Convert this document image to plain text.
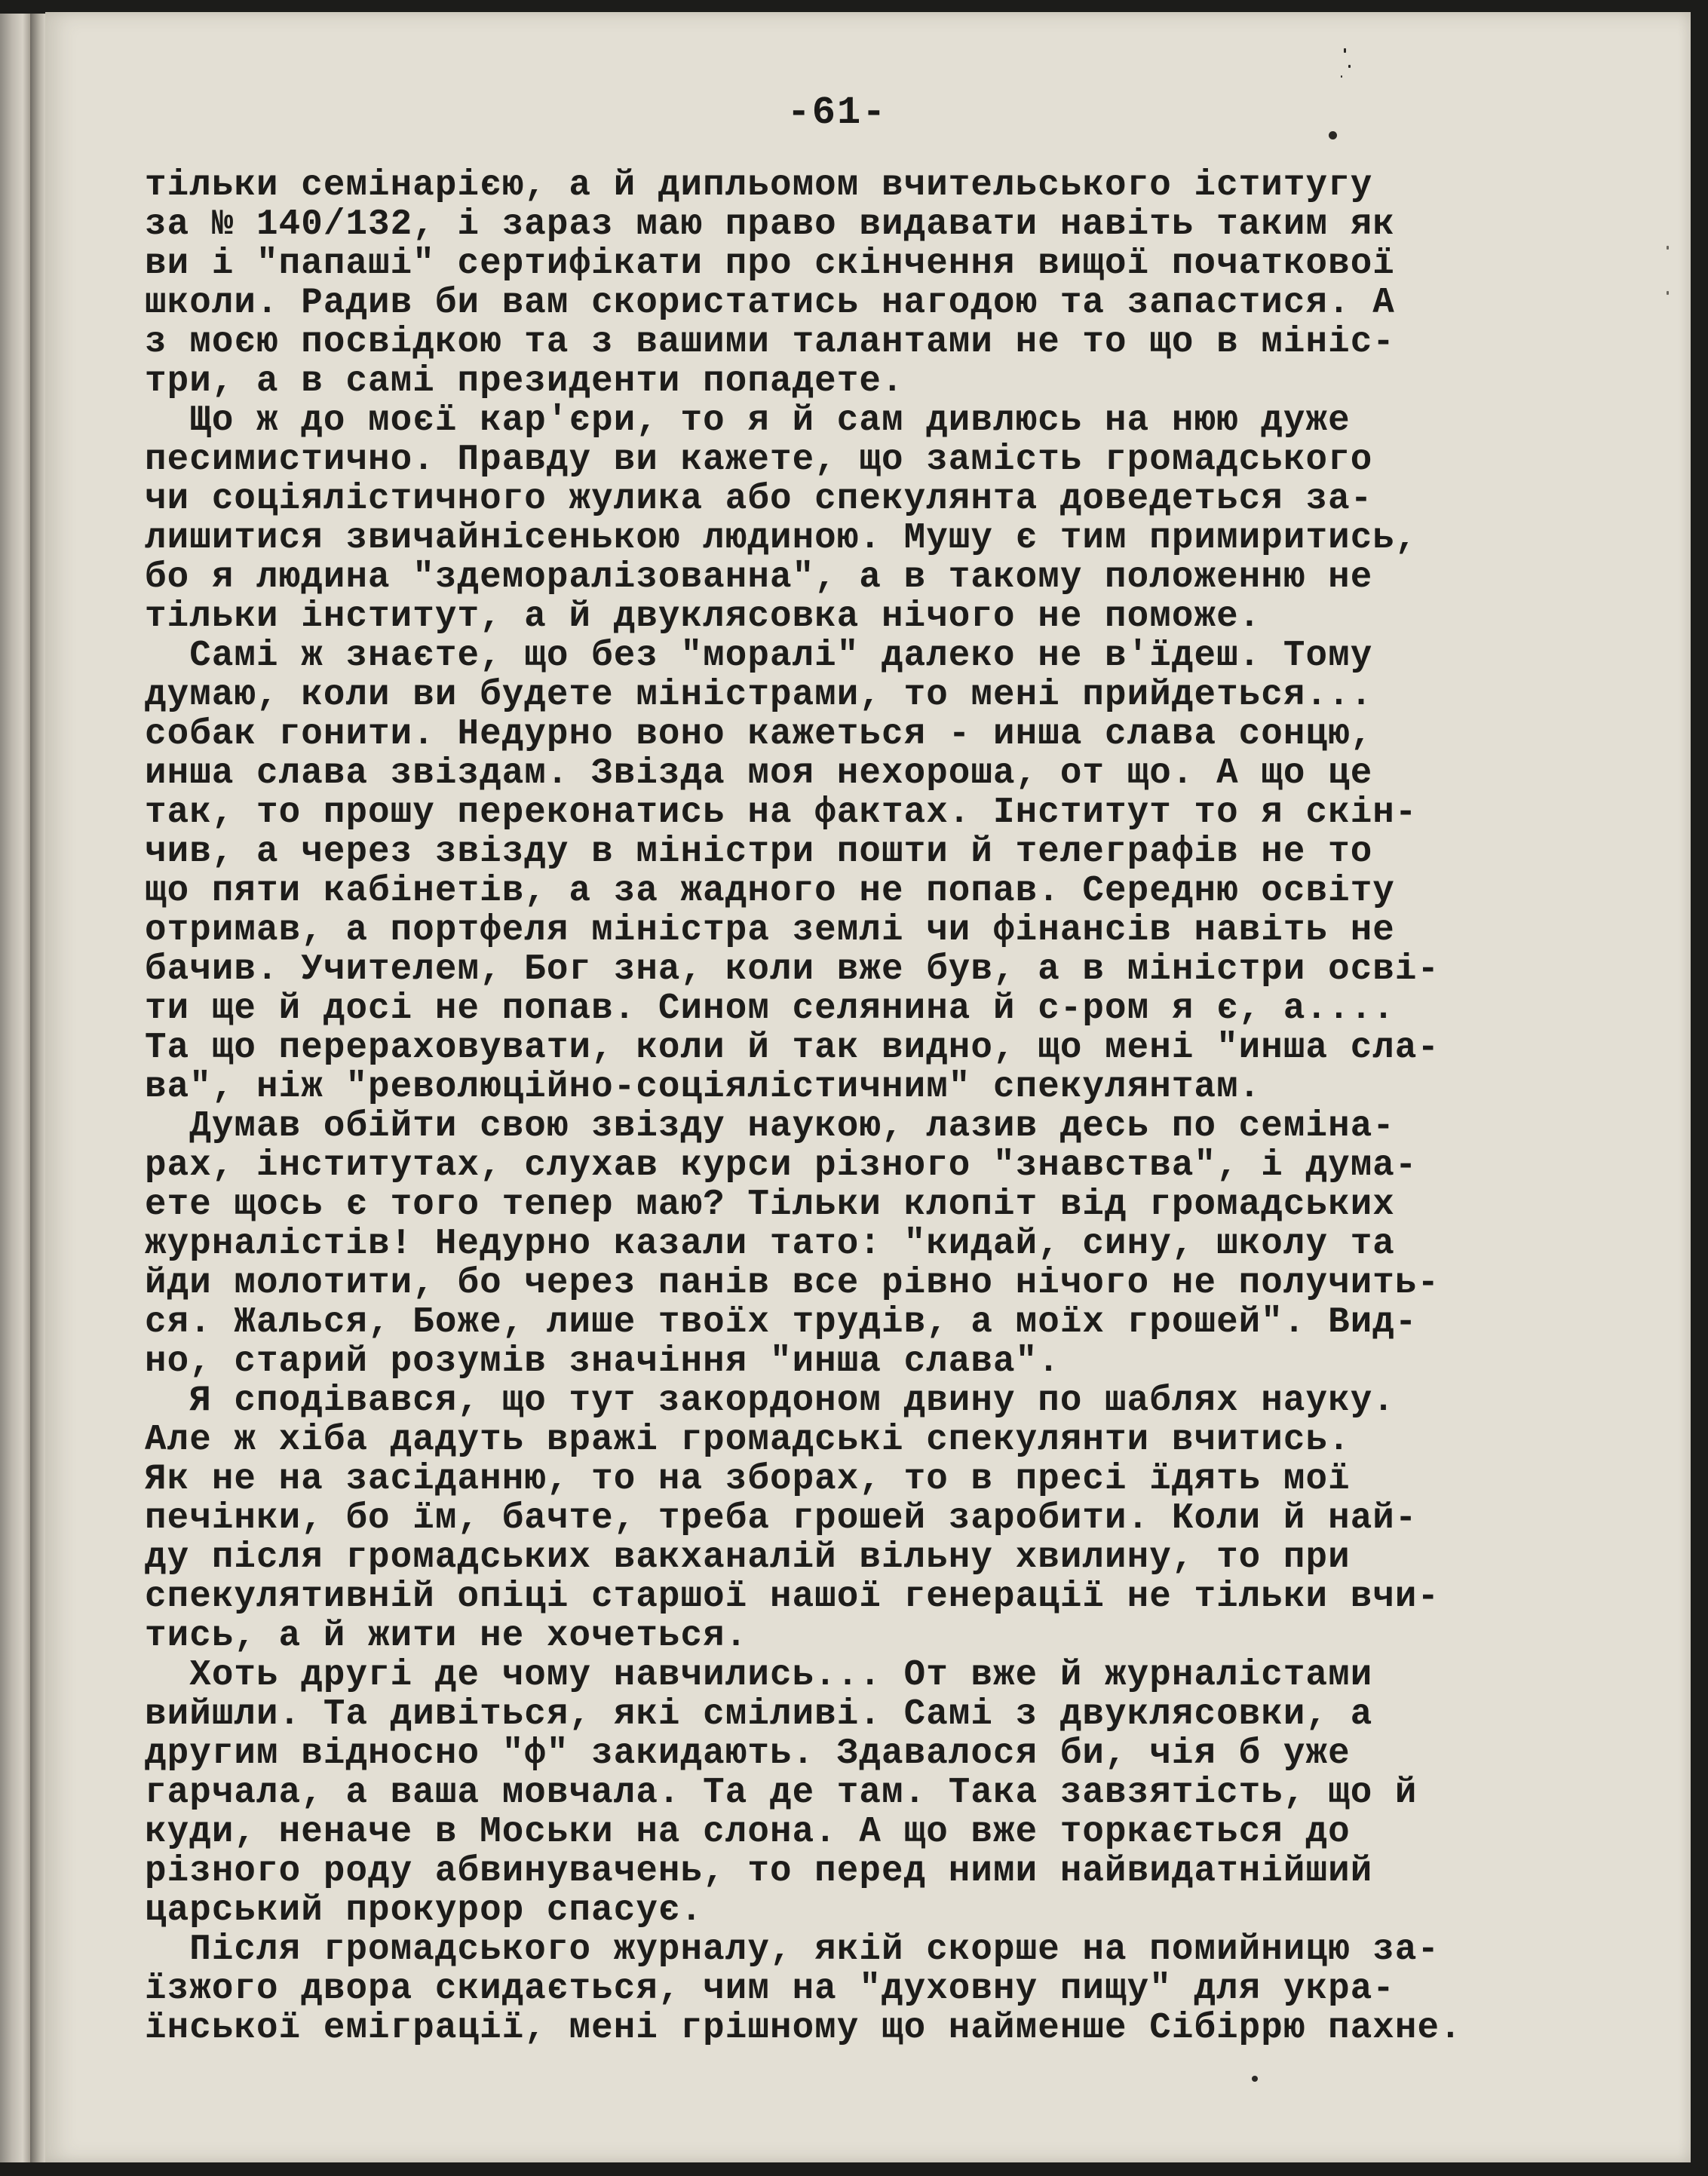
-61-
тільки семінарією, а й дипльомом вчительського іститугу
за № 140/132, і зараз маю право видавати навіть таким як
ви і "папаші" сертифікати про скінчення вищої початкової
школи. Радив би вам скористатись нагодою та запастися. А
з моєю посвідкою та з вашими талантами не то що в мініс-
три, а в самі президенти попадете.
Що ж до моєї кар'єри, то я й сам дивлюсь на нюю дуже
песимистично. Правду ви кажете, що замість громадського
чи соціялістичного жулика або спекулянта доведеться за-
лишитися звичайнісенькою людиною. Мушу є тим примиритись,
бо я людина "здеморалізованна", а в такому положенню не
тільки інститут, а й двуклясовка нічого не поможе.
Самі ж знаєте, що без "моралі" далеко не в'їдеш. Тому
думаю, коли ви будете міністрами, то мені прийдеться...
собак гонити. Недурно воно кажеться - инша слава сонцю,
инша слава звіздам. Звізда моя нехороша, от що. А що це
так, то прошу переконатись на фактах. Інститут то я скін-
чив, а через звізду в міністри пошти й телеграфів не то
що пяти кабінетів, а за жадного не попав. Середню освіту
отримав, а портфеля міністра землі чи фінансів навіть не
бачив. Учителем, Бог зна, коли вже був, а в міністри осві-
ти ще й досі не попав. Сином селянина й с-ром я є, а....
Та що перераховувати, коли й так видно, що мені "инша сла-
ва", ніж "революційно-соціялістичним" спекулянтам.
Думав обійти свою звізду наукою, лазив десь по семіна-
рах, інститутах, слухав курси різного "знавства", і дума-
ете щось є того тепер маю? Тільки клопіт від громадських
журналістів! Недурно казали тато: "кидай, сину, школу та
йди молотити, бо через панів все рівно нічого не получить-
ся. Жалься, Боже, лише твоїх трудів, а моїх грошей". Вид-
но, старий розумів значіння "инша слава".
Я сподівався, що тут закордоном двину по шаблях науку.
Але ж хіба дадуть вражі громадські спекулянти вчитись.
Як не на засіданню, то на зборах, то в пресі їдять мої
печінки, бо їм, бачте, треба грошей заробити. Коли й най-
ду після громадських вакханалій вільну хвилину, то при
спекулятивній опіці старшої нашої генерації не тільки вчи-
тись, а й жити не хочеться.
Хоть другі де чому навчились... От вже й журналістами
вийшли. Та дивіться, які сміливі. Самі з двуклясовки, а
другим відносно "ф" закидають. Здавалося би, чія б уже
гарчала, а ваша мовчала. Та де там. Така завзятість, що й
куди, неначе в Моськи на слона. А що вже торкається до
різного роду абвинувачень, то перед ними найвидатнійший
царський прокурор спасує.
Після громадського журналу, якій скорше на помийницю за-
їзжого двора скидається, чим на "духовну пищу" для укра-
їнської еміграції, мені грішному що найменше Сібіррю пахне.
